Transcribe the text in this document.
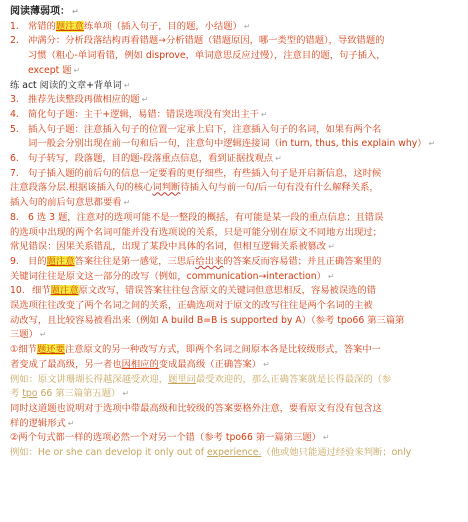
阅读薄弱项： ↵
1. 常错的题注意练单项（插入句子，目的题，小结题） ↵
2. 冲满分：分析段落结构再看错题→分析错题（错题原因，哪一类型的错题），导致错题的
习惯（粗心-单词看错，例如 disprove，单词意思反应过慢），注意目的题，句子插入，
except 题 ↵
练 act 阅读的文章+背单词 ↵
3. 推荐先读整段再做相应的题 ↵
4. 简化句子题：主干+逻辑，易错：错误选项没有突出主干 ↵
5. 插入句子题：注意插入句子的位置一定承上启下，注意插入句子的名词，如果有两个名
词一般会分别出现在前一句和后一句，注意句中逻辑连接词（in turn, thus, this explain why） ↵
6. 句子转写，段落题，目的题-段落重点信息，看到证据找观点 ↵
7. 句子插入题的前后句的信息一定要看的更仔细些，有些插入句子是开启新信息，这时候
注意段落分层.根据该插入句的核心词判断待插入句与前一句/后一句有没有什么解释关系，
插入句的前后句意思都要看 ↵
8. 6 选 3 题，注意对的选项可能不是一整段的概括，有可能是某一段的重点信息；且错误
的选项中出现的两个名词可能并没有选项说的关系，只是可能分别在原文不同地方出现过；
常见错误：因果关系错乱，出现了某段中具体的名词，但相互逻辑关系被篡改 ↵
9. 目的题注意答案往往是第一感觉，三思后给出来的答案反而容易错；并且正确答案里的
关键词往往是原文这一部分的改写（例如，communication→interaction） ↵
10. 细节题注意原文改写，错误答案往往包含原文的关键词但意思相反，容易被误选的错
误选项往往改变了两个名词之间的关系，正确选项对于原文的改写往往是两个名词的主被
动改写，且比较容易被看出来（例如 A build B=B is supported by A）（参考 tpo66 第三篇第
三题） ↵
①细节题还要注意原文的另一种改写方式，即两个名词之间原本各是比较级形式，答案中一
者变成了最高级，另一者也因相应的变成最高级（正确答案） ↵
例如：原文讲珊瑚长得越深越受欢迎，题里问最受欢迎的，那么正确答案就是长得最深的（参
考 tpo 66 第三篇第五题） ↵
同时这道题也说明对于选项中带最高级和比较级的答案要格外注意，要看原文有没有包含这
样的逻辑形式 ↵
②两个句式都一样的选项必然一个对另一个错（参考 tpo66 第一篇第三题） ↵
例如：He or she can develop it only out of experience.（他或她只能通过经验来判断；only
